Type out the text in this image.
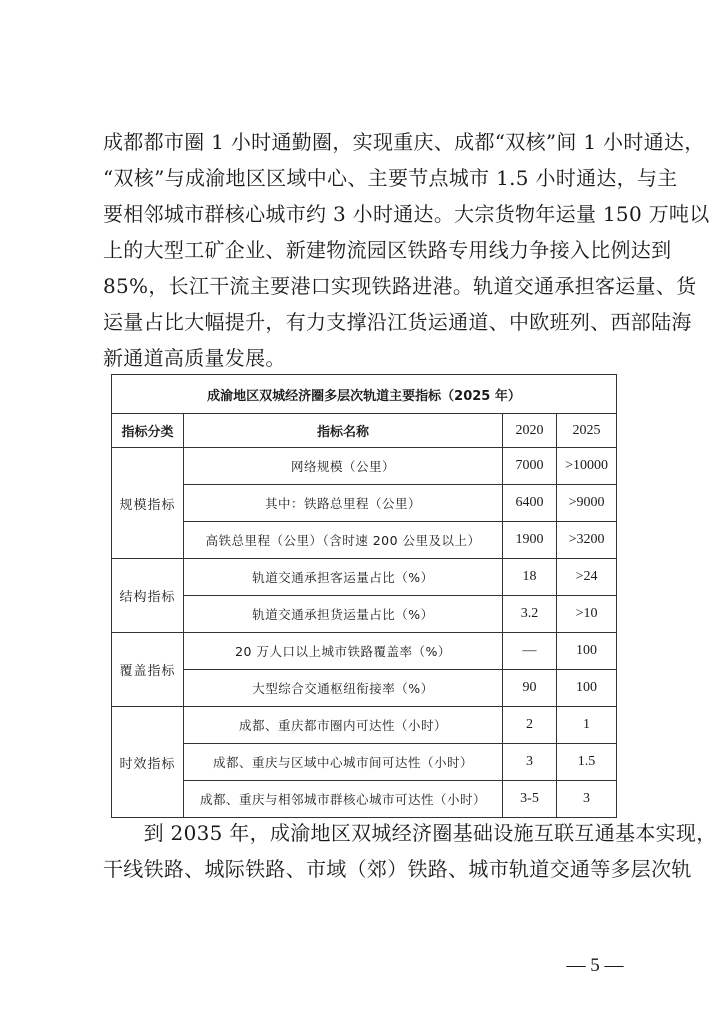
成都都市圈 1 小时通勤圈，实现重庆、成都“双核”间 1 小时通达，
“双核”与成渝地区区域中心、主要节点城市 1.5 小时通达，与主
要相邻城市群核心城市约 3 小时通达。大宗货物年运量 150 万吨以
上的大型工矿企业、新建物流园区铁路专用线力争接入比例达到
85%，长江干流主要港口实现铁路进港。轨道交通承担客运量、货
运量占比大幅提升，有力支撑沿江货运通道、中欧班列、西部陆海
新通道高质量发展。
成渝地区双城经济圈多层次轨道主要指标（2025 年）			
指标分类	指标名称	2020	2025
规模指标	网络规模（公里）	7000	>10000
	其中：铁路总里程（公里）	6400	>9000
	高铁总里程（公里）（含时速 200 公里及以上）	1900	>3200
结构指标	轨道交通承担客运量占比（%）	18	>24
	轨道交通承担货运量占比（%）	3.2	>10
覆盖指标	20 万人口以上城市铁路覆盖率（%）	—	100
	大型综合交通枢纽衔接率（%）	90	100
时效指标	成都、重庆都市圈内可达性（小时）	2	1
	成都、重庆与区域中心城市间可达性（小时）	3	1.5
	成都、重庆与相邻城市群核心城市可达性（小时）	3-5	3
　　到 2035 年，成渝地区双城经济圈基础设施互联互通基本实现，
干线铁路、城际铁路、市域（郊）铁路、城市轨道交通等多层次轨
— 5 —
